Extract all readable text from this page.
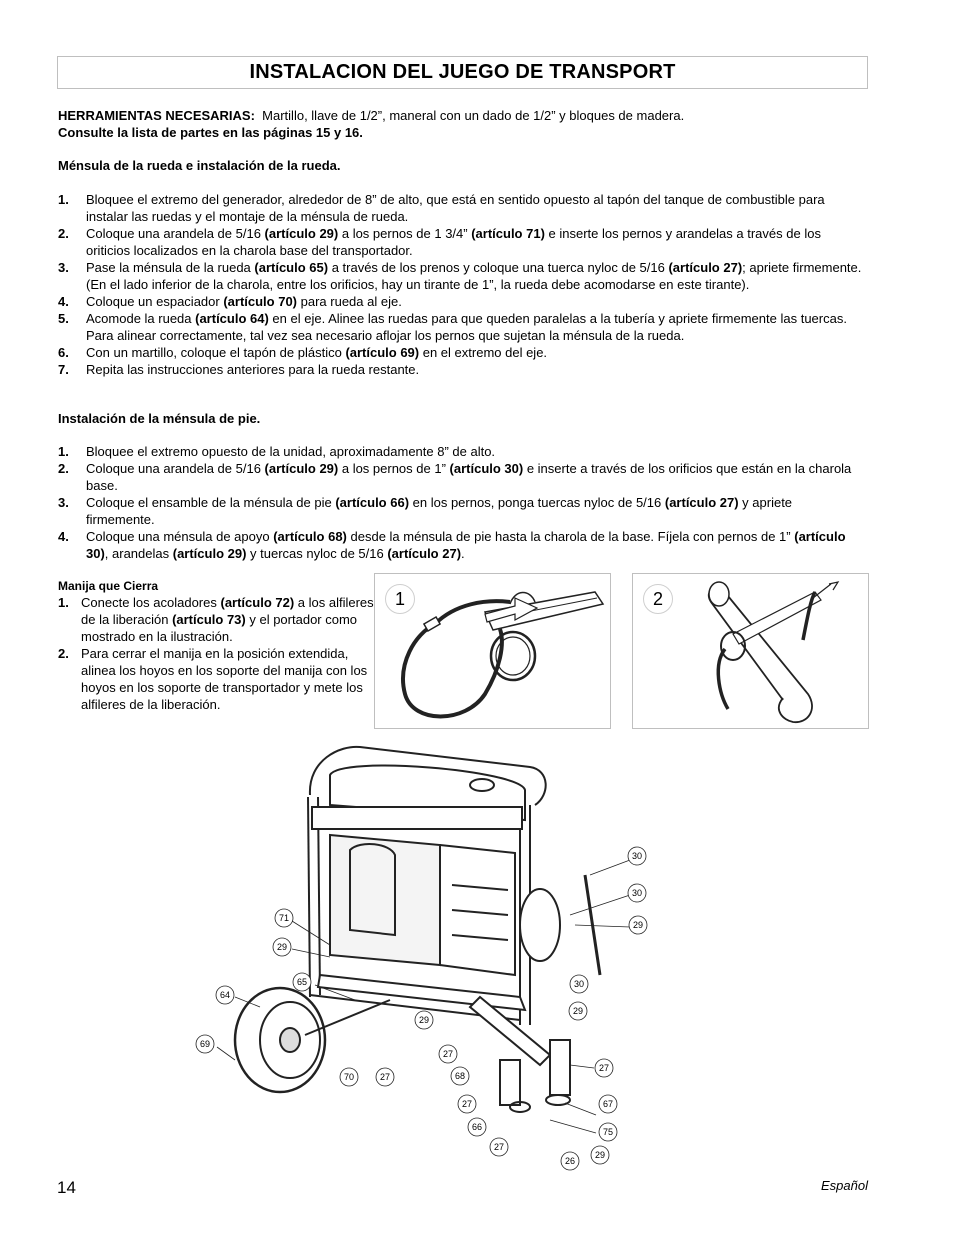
INSTALACION DEL JUEGO DE TRANSPORT
HERRAMIENTAS NECESARIAS: Martillo, llave de 1/2”, maneral con un dado de 1/2” y bloques de madera.
Consulte la lista de partes en las páginas 15 y 16.
Ménsula de la rueda e instalación de la rueda.
1.	Bloquee el extremo del generador, alrededor de 8” de alto, que está en sentido opuesto al tapón del tanque de combustible para instalar las ruedas y el montaje de la ménsula de rueda.
2.	Coloque una arandela de 5/16 (artículo 29) a los pernos de 1 3/4” (artículo 71) e inserte los pernos y arandelas a través de los oriticios localizados en la charola base del transportador.
3.	Pase la ménsula de la rueda (artículo 65) a través de los prenos y coloque una tuerca nyloc de 5/16 (artículo 27); apriete firmemente. (En el lado inferior de la charola, entre los orificios, hay un tirante de 1”, la rueda debe acomodarse en este tirante).
4.	Coloque un espaciador (artículo 70) para rueda al eje.
5.	Acomode la rueda (artículo 64) en el eje. Alinee las ruedas para que queden paralelas a la tubería y apriete firmemente las tuercas. Para alinear correctamente, tal vez sea necesario aflojar los pernos que sujetan la ménsula de la rueda.
6.	Con un martillo, coloque el tapón de plástico (artículo 69) en el extremo del eje.
7.	Repita las instrucciones anteriores para la rueda restante.
Instalación de la ménsula de pie.
1.	Bloquee el extremo opuesto de la unidad, aproximadamente 8” de alto.
2.	Coloque una arandela de 5/16 (artículo 29) a los pernos de 1” (artículo 30) e inserte a través de los orificios que están en la charola base.
3.	Coloque el ensamble de la ménsula de pie (artículo 66) en los pernos, ponga tuercas nyloc de 5/16 (artículo 27) y apriete firmemente.
4.	Coloque una ménsula de apoyo (artículo 68) desde la ménsula de pie hasta la charola de la base. Fíjela con pernos de 1” (artículo 30), arandelas (artículo 29) y tuercas nyloc de 5/16 (artículo 27).
Manija que Cierra
1. Conecte los acoladores (artículo 72) a los alfileres de la liberación (artículo 73) y el portador como mostrado en la ilustración.
2. Para cerrar el manija en la posición extendida, alinea los hoyos en los soporte del manija con los hoyos en los soporte de transportador y mete los alfileres de la liberación.
1	2
71
29
65
64
69
70	27
29
27
68
30
30
29
30
29
27
27
66
27
67
75
29
26
14	Español
